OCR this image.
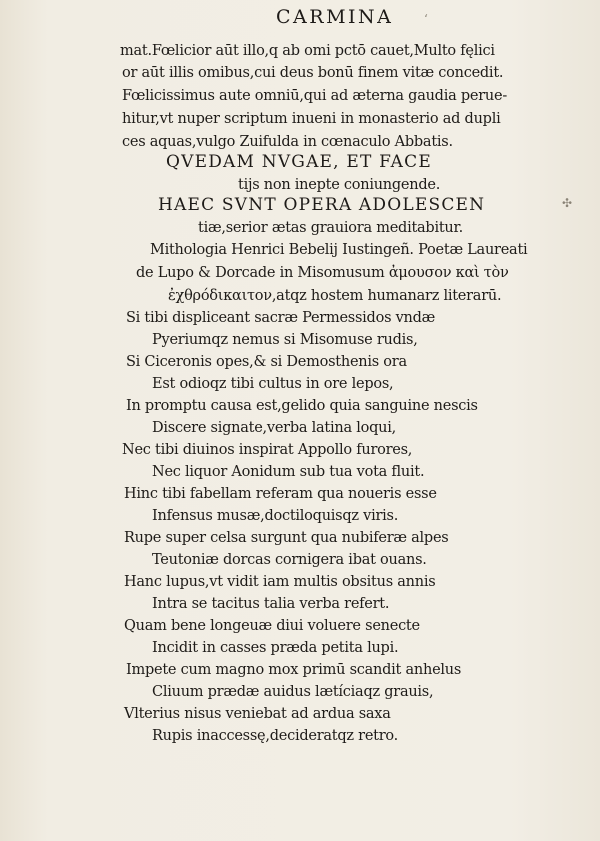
CARMINA
mat.Fœlicior aūt illo,q ab omi pctō cauet,Multo fęlici
or aūt illis omibus,cui deus bonū finem vitæ concedit.
Fœlicissimus aute omniū,qui ad æterna gaudia perue‐
hitur,vt nuper scriptum inueni in monasterio ad dupli
ces aquas,vulgo Zuifulda in cœnaculo Abbatis.
QVEDAM NVGAE, ET FACE
tijs non inepte coniungende.
HAEC SVNT OPERA ADOLESCEN
tiæ,serior ætas grauiora meditabitur.
Mithologia Henrici Bebelij Iustingeñ. Poetæ Laureati
de Lupo & Dorcade in Misomusum ἀμουσον καὶ τὸν
ἐχθρόδικαιτον,atqz hostem humanarz literarū.
Si tibi displiceant sacræ Permessidos vndæ
Pyeriumqz nemus si Misomuse rudis,
Si Ciceronis opes,& si Demosthenis ora
Est odioqz tibi cultus in ore lepos,
In promptu causa est,gelido quia sanguine nescis
Discere signate,verba latina loqui,
Nec tibi diuinos inspirat Appollo furores,
Nec liquor Aonidum sub tua vota fluit.
Hinc tibi fabellam referam qua noueris esse
Infensus musæ,doctiloquisqz viris.
Rupe super celsa surgunt qua nubiferæ alpes
Teutoniæ dorcas cornigera ibat ouans.
Hanc lupus,vt vidit iam multis obsitus annis
Intra se tacitus talia verba refert.
Quam bene longeuæ diui voluere senecte
Incidit in casses præda petita lupi.
Impete cum magno mox primū scandit anhelus
Cliuum prædæ auidus lætíciaqz grauis,
Vlterius nisus veniebat ad ardua saxa
Rupis inaccessę,decideratqz retro.
‘
✣
